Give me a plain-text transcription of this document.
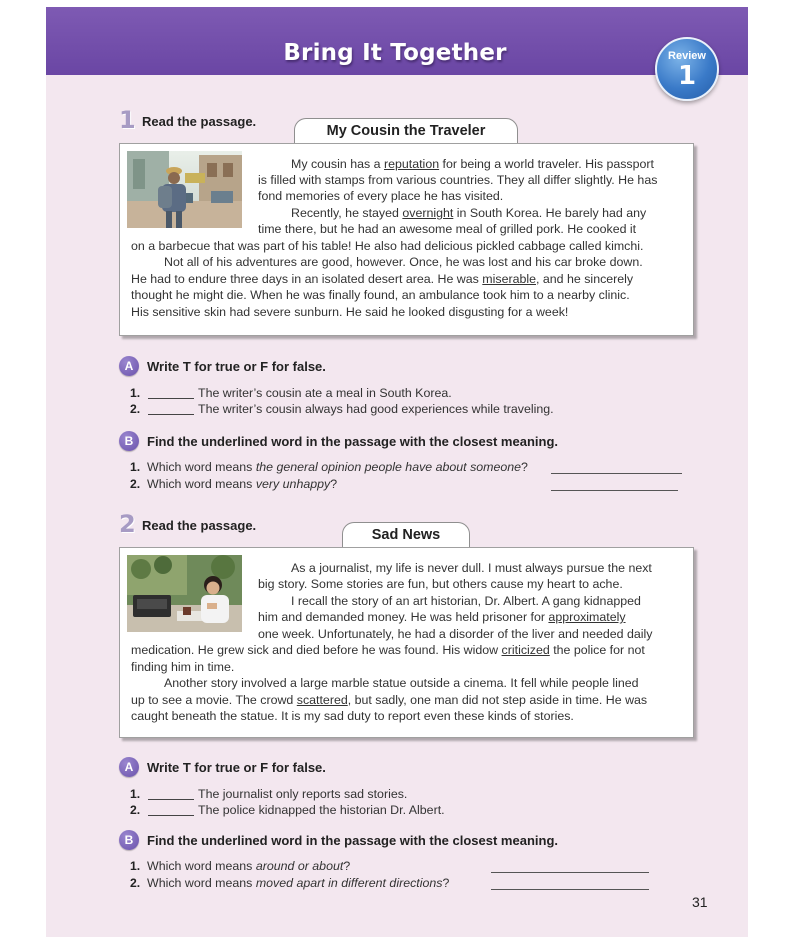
Bring It Together	Review
1
1 Read the passage.
My Cousin the Traveler
My cousin has a reputation for being a world traveler. His passport
is filled with stamps from various countries. They all differ slightly. He has
fond memories of every place he has visited.
Recently, he stayed overnight in South Korea. He barely had any
time there, but he had an awesome meal of grilled pork. He cooked it
on a barbecue that was part of his table! He also had delicious pickled cabbage called kimchi.
Not all of his adventures are good, however. Once, he was lost and his car broke down.
He had to endure three days in an isolated desert area. He was miserable, and he sincerely
thought he might die. When he was finally found, an ambulance took him to a nearby clinic.
His sensitive skin had severe sunburn. He said he looked disgusting for a week!
A	Write T for true or F for false.
1.	The writer’s cousin ate a meal in South Korea.
2.	The writer’s cousin always had good experiences while traveling.
B	Find the underlined word in the passage with the closest meaning.
1. Which word means the general opinion people have about someone?
2. Which word means very unhappy?
2 Read the passage.
Sad News
As a journalist, my life is never dull. I must always pursue the next
big story. Some stories are fun, but others cause my heart to ache.
I recall the story of an art historian, Dr. Albert. A gang kidnapped
him and demanded money. He was held prisoner for approximately
one week. Unfortunately, he had a disorder of the liver and needed daily
medication. He grew sick and died before he was found. His widow criticized the police for not
finding him in time.
Another story involved a large marble statue outside a cinema. It fell while people lined
up to see a movie. The crowd scattered, but sadly, one man did not step aside in time. He was
caught beneath the statue. It is my sad duty to report even these kinds of stories.
A	Write T for true or F for false.
1.	The journalist only reports sad stories.
2.	The police kidnapped the historian Dr. Albert.
B	Find the underlined word in the passage with the closest meaning.
1. Which word means around or about?
2. Which word means moved apart in different directions?
31
